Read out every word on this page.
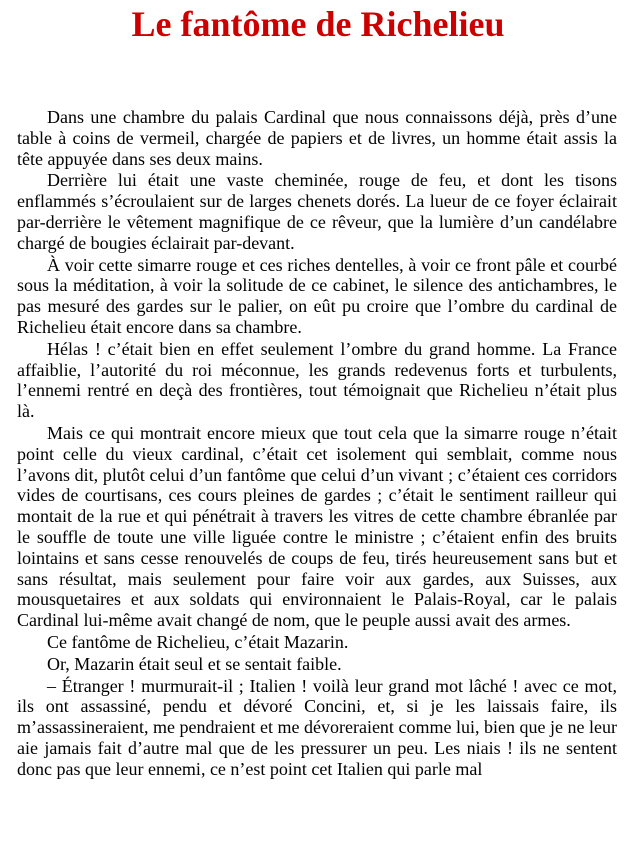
Le fantôme de Richelieu

Dans une chambre du palais Cardinal que nous connaissons déjà, près d’une table à coins de vermeil, chargée de papiers et de livres, un homme était assis la tête appuyée dans ses deux mains.

Derrière lui était une vaste cheminée, rouge de feu, et dont les tisons enflammés s’écroulaient sur de larges chenets dorés. La lueur de ce foyer éclairait par-derrière le vêtement magnifique de ce rêveur, que la lumière d’un candélabre chargé de bougies éclairait par-devant.

À voir cette simarre rouge et ces riches dentelles, à voir ce front pâle et courbé sous la méditation, à voir la solitude de ce cabinet, le silence des antichambres, le pas mesuré des gardes sur le palier, on eût pu croire que l’ombre du cardinal de Richelieu était encore dans sa chambre.

Hélas ! c’était bien en effet seulement l’ombre du grand homme. La France affaiblie, l’autorité du roi méconnue, les grands redevenus forts et turbulents, l’ennemi rentré en deçà des frontières, tout témoignait que Richelieu n’était plus là.

Mais ce qui montrait encore mieux que tout cela que la simarre rouge n’était point celle du vieux cardinal, c’était cet isolement qui semblait, comme nous l’avons dit, plutôt celui d’un fantôme que celui d’un vivant ; c’étaient ces corridors vides de courtisans, ces cours pleines de gardes ; c’était le sentiment railleur qui montait de la rue et qui pénétrait à travers les vitres de cette chambre ébranlée par le souffle de toute une ville liguée contre le ministre ; c’étaient enfin des bruits lointains et sans cesse renouvelés de coups de feu, tirés heureusement sans but et sans résultat, mais seulement pour faire voir aux gardes, aux Suisses, aux mousquetaires et aux soldats qui environnaient le Palais-Royal, car le palais Cardinal lui-même avait changé de nom, que le peuple aussi avait des armes.

Ce fantôme de Richelieu, c’était Mazarin.

Or, Mazarin était seul et se sentait faible.

– Étranger ! murmurait-il ; Italien ! voilà leur grand mot lâché ! avec ce mot, ils ont assassiné, pendu et dévoré Concini, et, si je les laissais faire, ils m’assassineraient, me pendraient et me dévoreraient comme lui, bien que je ne leur aie jamais fait d’autre mal que de les pressurer un peu. Les niais ! ils ne sentent donc pas que leur ennemi, ce n’est point cet Italien qui parle mal
